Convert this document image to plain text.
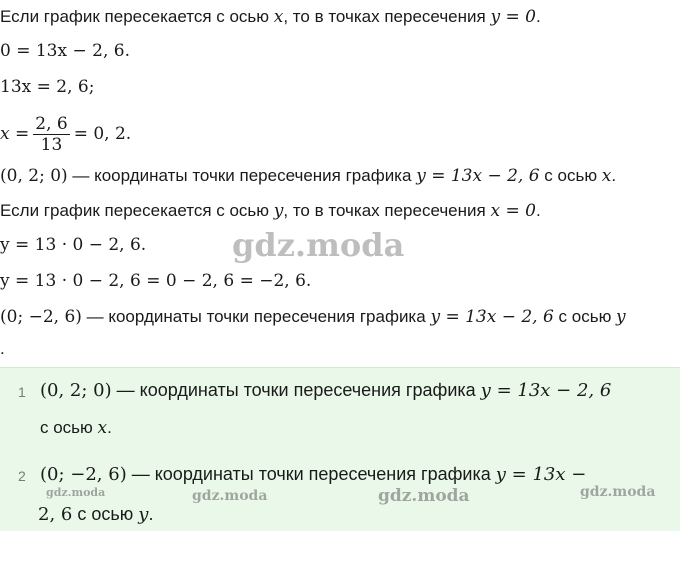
Если график пересекается с осью x, то в точках пересечения y = 0.
0 = 13x − 2, 6.
13x = 2, 6;
$x = \frac{2, 6}{13} = 0$, 2.
(0, 2; 0) — координаты точки пересечения графика y = 13x − 2, 6 с осью x.
Если график пересекается с осью y, то в точках пересечения x = 0.
y = 13 · 0 − 2, 6.
y = 13 · 0 − 2, 6 = 0 − 2, 6 = −2, 6.
(0; −2, 6) — координаты точки пересечения графика y = 13x − 2, 6 с осью y
.
gdz.moda
1 (0, 2; 0) — координаты точки пересечения графика y = 13x − 2, 6
с осью x.
2 (0; −2, 6) — координаты точки пересечения графика y = 13x −
2, 6 с осью y.
gdz.moda	gdz.moda	gdz.moda	gdz.moda
